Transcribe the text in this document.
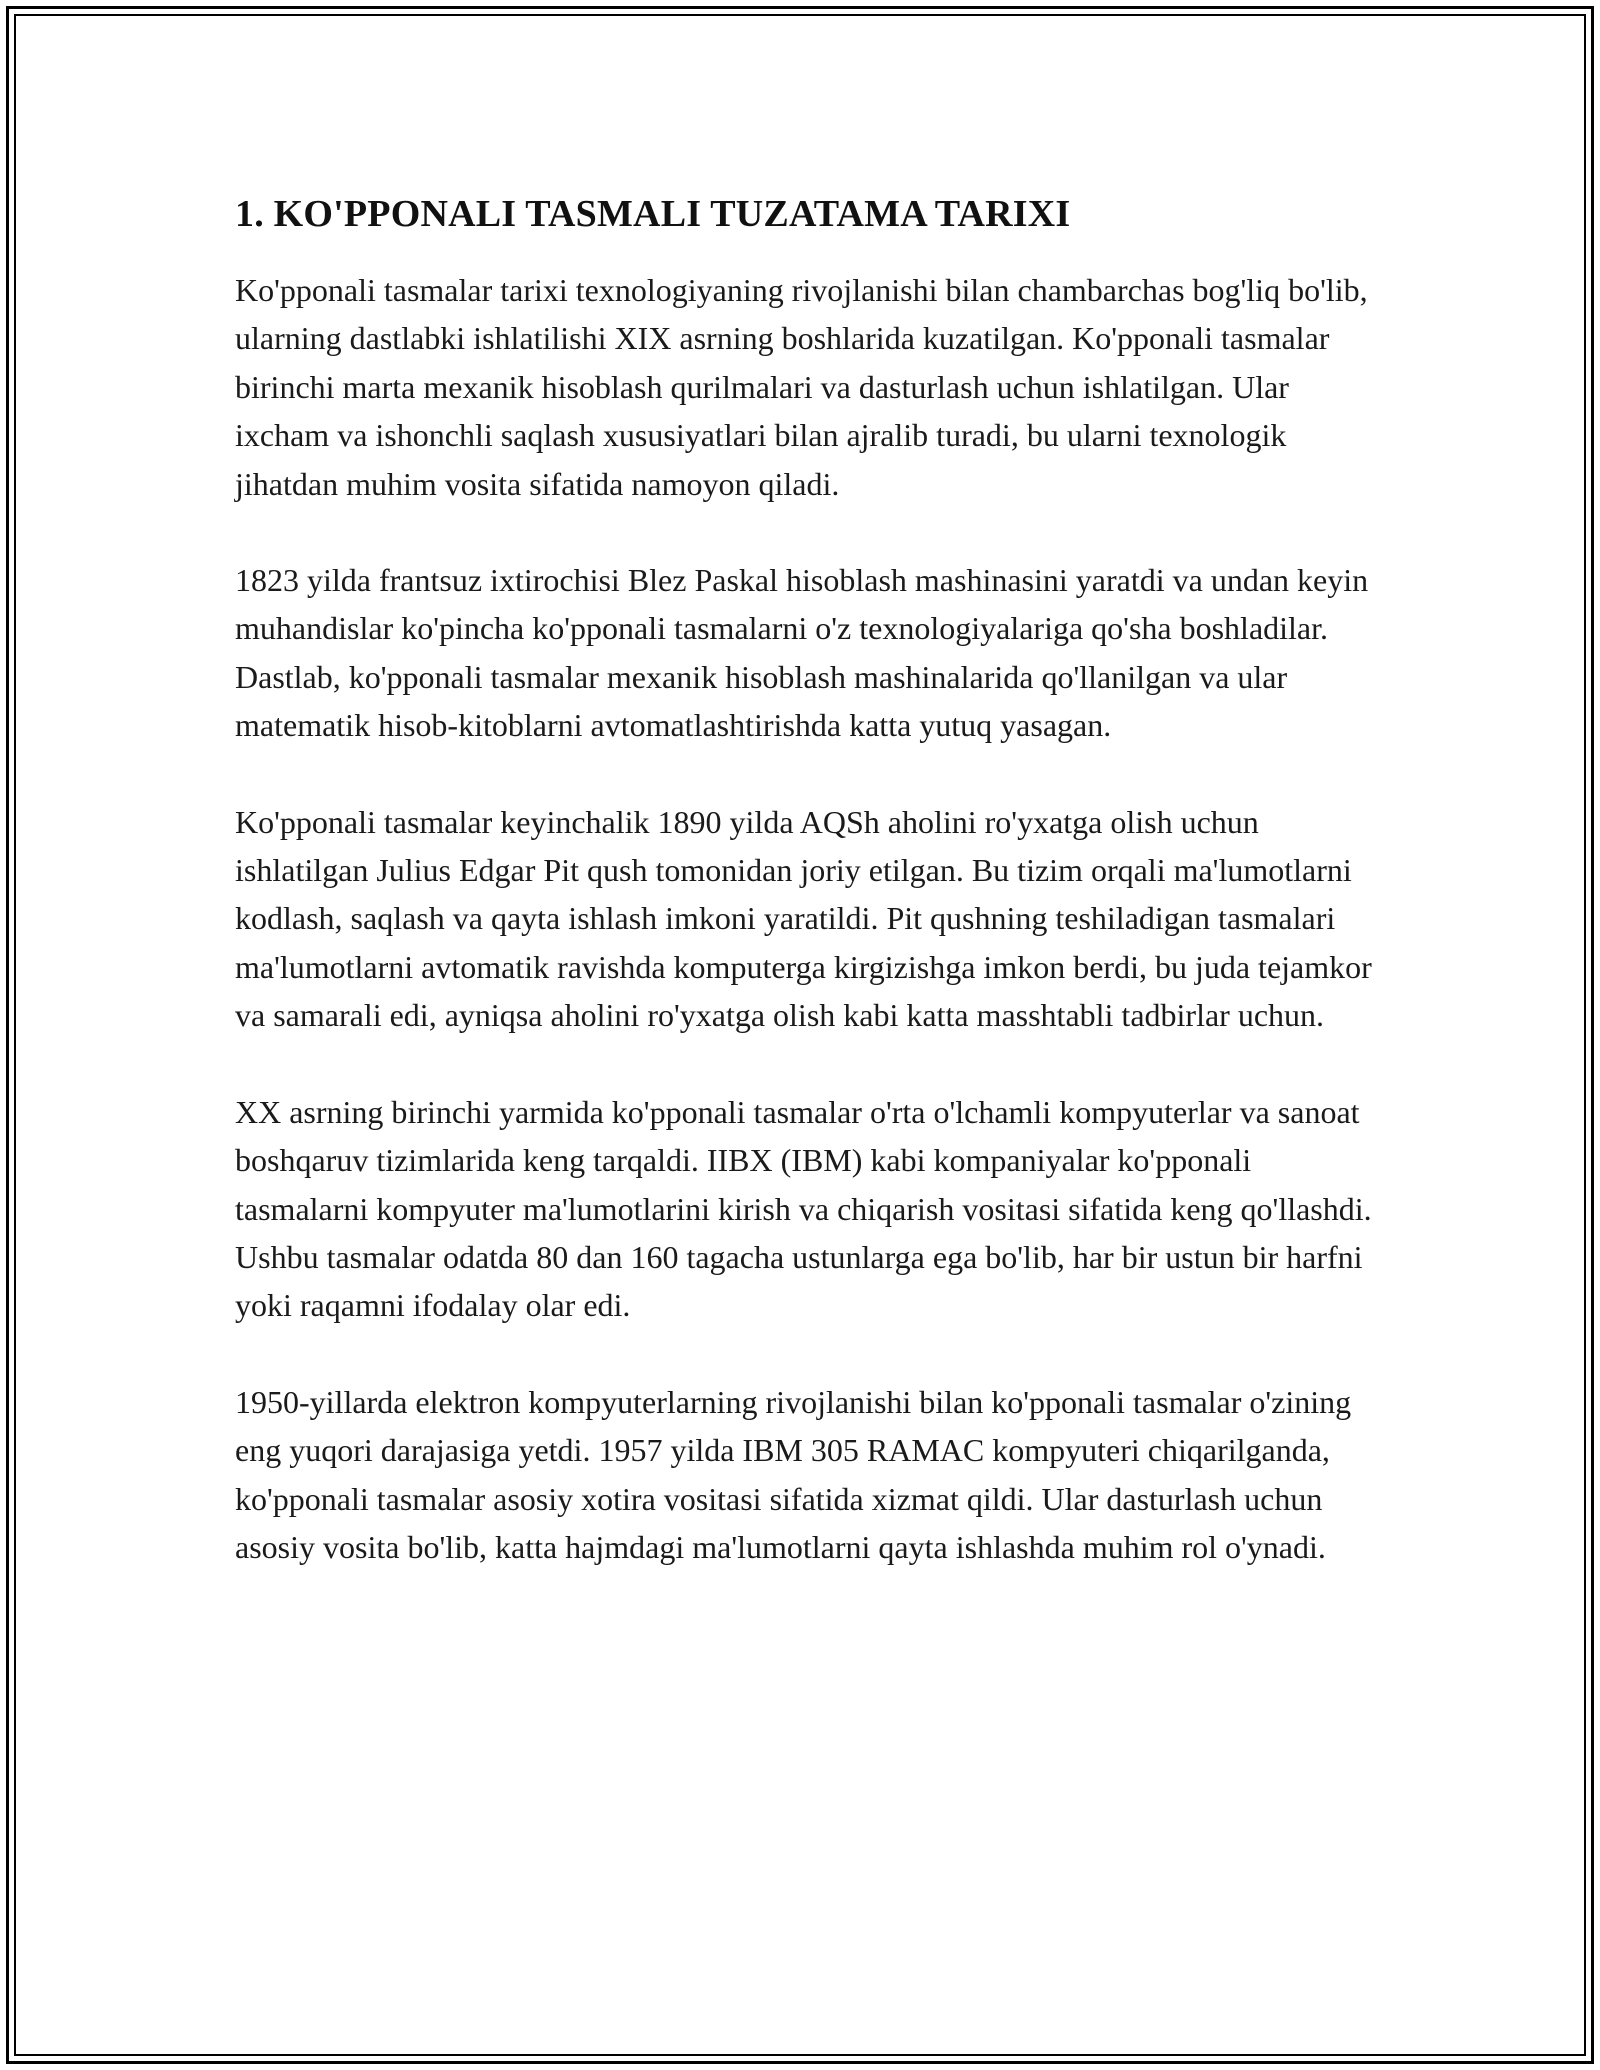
1. KO'PPONALI TASMALI TUZATAMA TARIXI

Ko'pponali tasmalar tarixi texnologiyaning rivojlanishi bilan chambarchas bog'liq bo'lib, ularning dastlabki ishlatilishi XIX asrning boshlarida kuzatilgan. Ko'pponali tasmalar birinchi marta mexanik hisoblash qurilmalari va dasturlash uchun ishlatilgan. Ular ixcham va ishonchli saqlash xususiyatlari bilan ajralib turadi, bu ularni texnologik jihatdan muhim vosita sifatida namoyon qiladi.

1823 yilda frantsuz ixtirochisi Blez Paskal hisoblash mashinasini yaratdi va undan keyin muhandislar ko'pincha ko'pponali tasmalarni o'z texnologiyalariga qo'sha boshladilar. Dastlab, ko'pponali tasmalar mexanik hisoblash mashinalarida qo'llanilgan va ular matematik hisob-kitoblarni avtomatlashtirishda katta yutuq yasagan.

Ko'pponali tasmalar keyinchalik 1890 yilda AQSh aholini ro'yxatga olish uchun ishlatilgan Julius Edgar Pit qush tomonidan joriy etilgan. Bu tizim orqali ma'lumotlarni kodlash, saqlash va qayta ishlash imkoni yaratildi. Pit qushning teshiladigan tasmalari ma'lumotlarni avtomatik ravishda komputerga kirgizishga imkon berdi, bu juda tejamkor va samarali edi, ayniqsa aholini ro'yxatga olish kabi katta masshtabli tadbirlar uchun.

XX asrning birinchi yarmida ko'pponali tasmalar o'rta o'lchamli kompyuterlar va sanoat boshqaruv tizimlarida keng tarqaldi. IIBX (IBM) kabi kompaniyalar ko'pponali tasmalarni kompyuter ma'lumotlarini kirish va chiqarish vositasi sifatida keng qo'llashdi. Ushbu tasmalar odatda 80 dan 160 tagacha ustunlarga ega bo'lib, har bir ustun bir harfni yoki raqamni ifodalay olar edi.

1950-yillarda elektron kompyuterlarning rivojlanishi bilan ko'pponali tasmalar o'zining eng yuqori darajasiga yetdi. 1957 yilda IBM 305 RAMAC kompyuteri chiqarilganda, ko'pponali tasmalar asosiy xotira vositasi sifatida xizmat qildi. Ular dasturlash uchun asosiy vosita bo'lib, katta hajmdagi ma'lumotlarni qayta ishlashda muhim rol o'ynadi.
